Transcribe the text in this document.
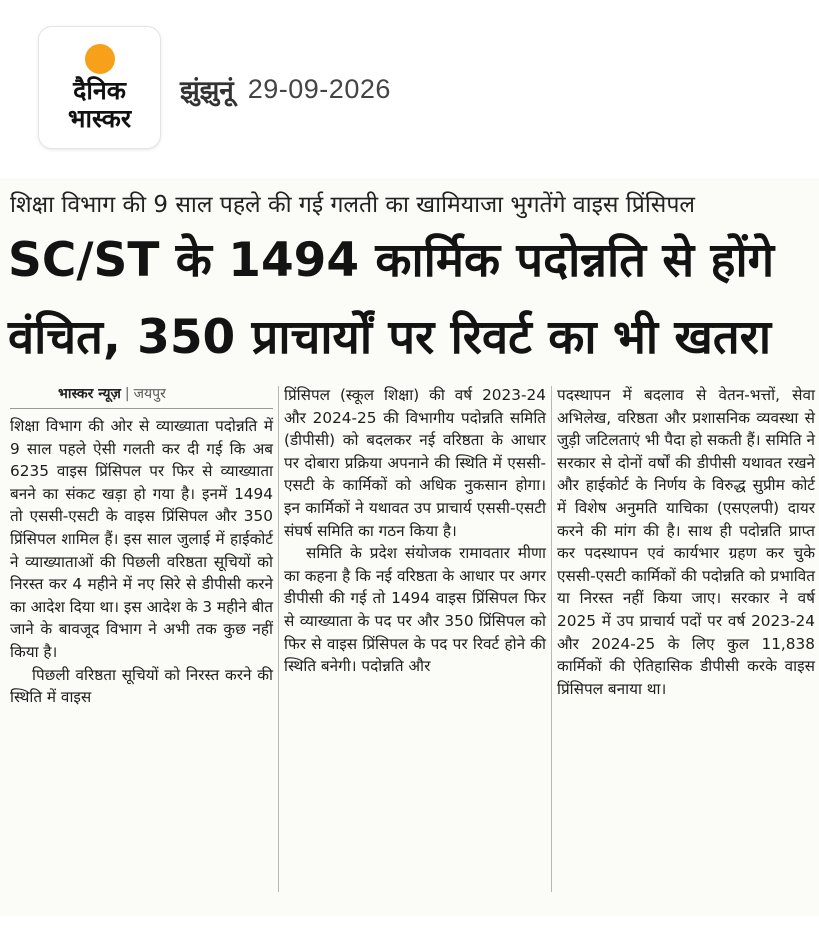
दैनिक
भास्कर
झुंझुनूं 29-09-2026
शिक्षा विभाग की 9 साल पहले की गई गलती का खामियाजा भुगतेंगे वाइस प्रिंसिपल
SC/ST के 1494 कार्मिक पदोन्नति से होंगे
वंचित, 350 प्राचार्यों पर रिवर्ट का भी खतरा
भास्कर न्यूज़ | जयपुर

शिक्षा विभाग की ओर से व्याख्याता पदोन्नति में 9 साल पहले ऐसी गलती कर दी गई कि अब 6235 वाइस प्रिंसिपल पर फिर से व्याख्याता बनने का संकट खड़ा हो गया है। इनमें 1494 तो एससी-एसटी के वाइस प्रिंसिपल और 350 प्रिंसिपल शामिल हैं। इस साल जुलाई में हाईकोर्ट ने व्याख्याताओं की पिछली वरिष्ठता सूचियों को निरस्त कर 4 महीने में नए सिरे से डीपीसी करने का आदेश दिया था। इस आदेश के 3 महीने बीत जाने के बावजूद विभाग ने अभी तक कुछ नहीं किया है।

पिछली वरिष्ठता सूचियों को निरस्त करने की स्थिति में वाइस

प्रिंसिपल (स्कूल शिक्षा) की वर्ष 2023-24 और 2024-25 की विभागीय पदोन्नति समिति (डीपीसी) को बदलकर नई वरिष्ठता के आधार पर दोबारा प्रक्रिया अपनाने की स्थिति में एससी-एसटी के कार्मिकों को अधिक नुकसान होगा। इन कार्मिकों ने यथावत उप प्राचार्य एससी-एसटी संघर्ष समिति का गठन किया है।

समिति के प्रदेश संयोजक रामावतार मीणा का कहना है कि नई वरिष्ठता के आधार पर अगर डीपीसी की गई तो 1494 वाइस प्रिंसिपल फिर से व्याख्याता के पद पर और 350 प्रिंसिपल को फिर से वाइस प्रिंसिपल के पद पर रिवर्ट होने की स्थिति बनेगी। पदोन्नति और

पदस्थापन में बदलाव से वेतन-भत्तों, सेवा अभिलेख, वरिष्ठता और प्रशासनिक व्यवस्था से जुड़ी जटिलताएं भी पैदा हो सकती हैं। समिति ने सरकार से दोनों वर्षों की डीपीसी यथावत रखने और हाईकोर्ट के निर्णय के विरुद्ध सुप्रीम कोर्ट में विशेष अनुमति याचिका (एसएलपी) दायर करने की मांग की है। साथ ही पदोन्नति प्राप्त कर पदस्थापन एवं कार्यभार ग्रहण कर चुके एससी-एसटी कार्मिकों की पदोन्नति को प्रभावित या निरस्त नहीं किया जाए। सरकार ने वर्ष 2025 में उप प्राचार्य पदों पर वर्ष 2023-24 और 2024-25 के लिए कुल 11,838 कार्मिकों की ऐतिहासिक डीपीसी करके वाइस प्रिंसिपल बनाया था।
